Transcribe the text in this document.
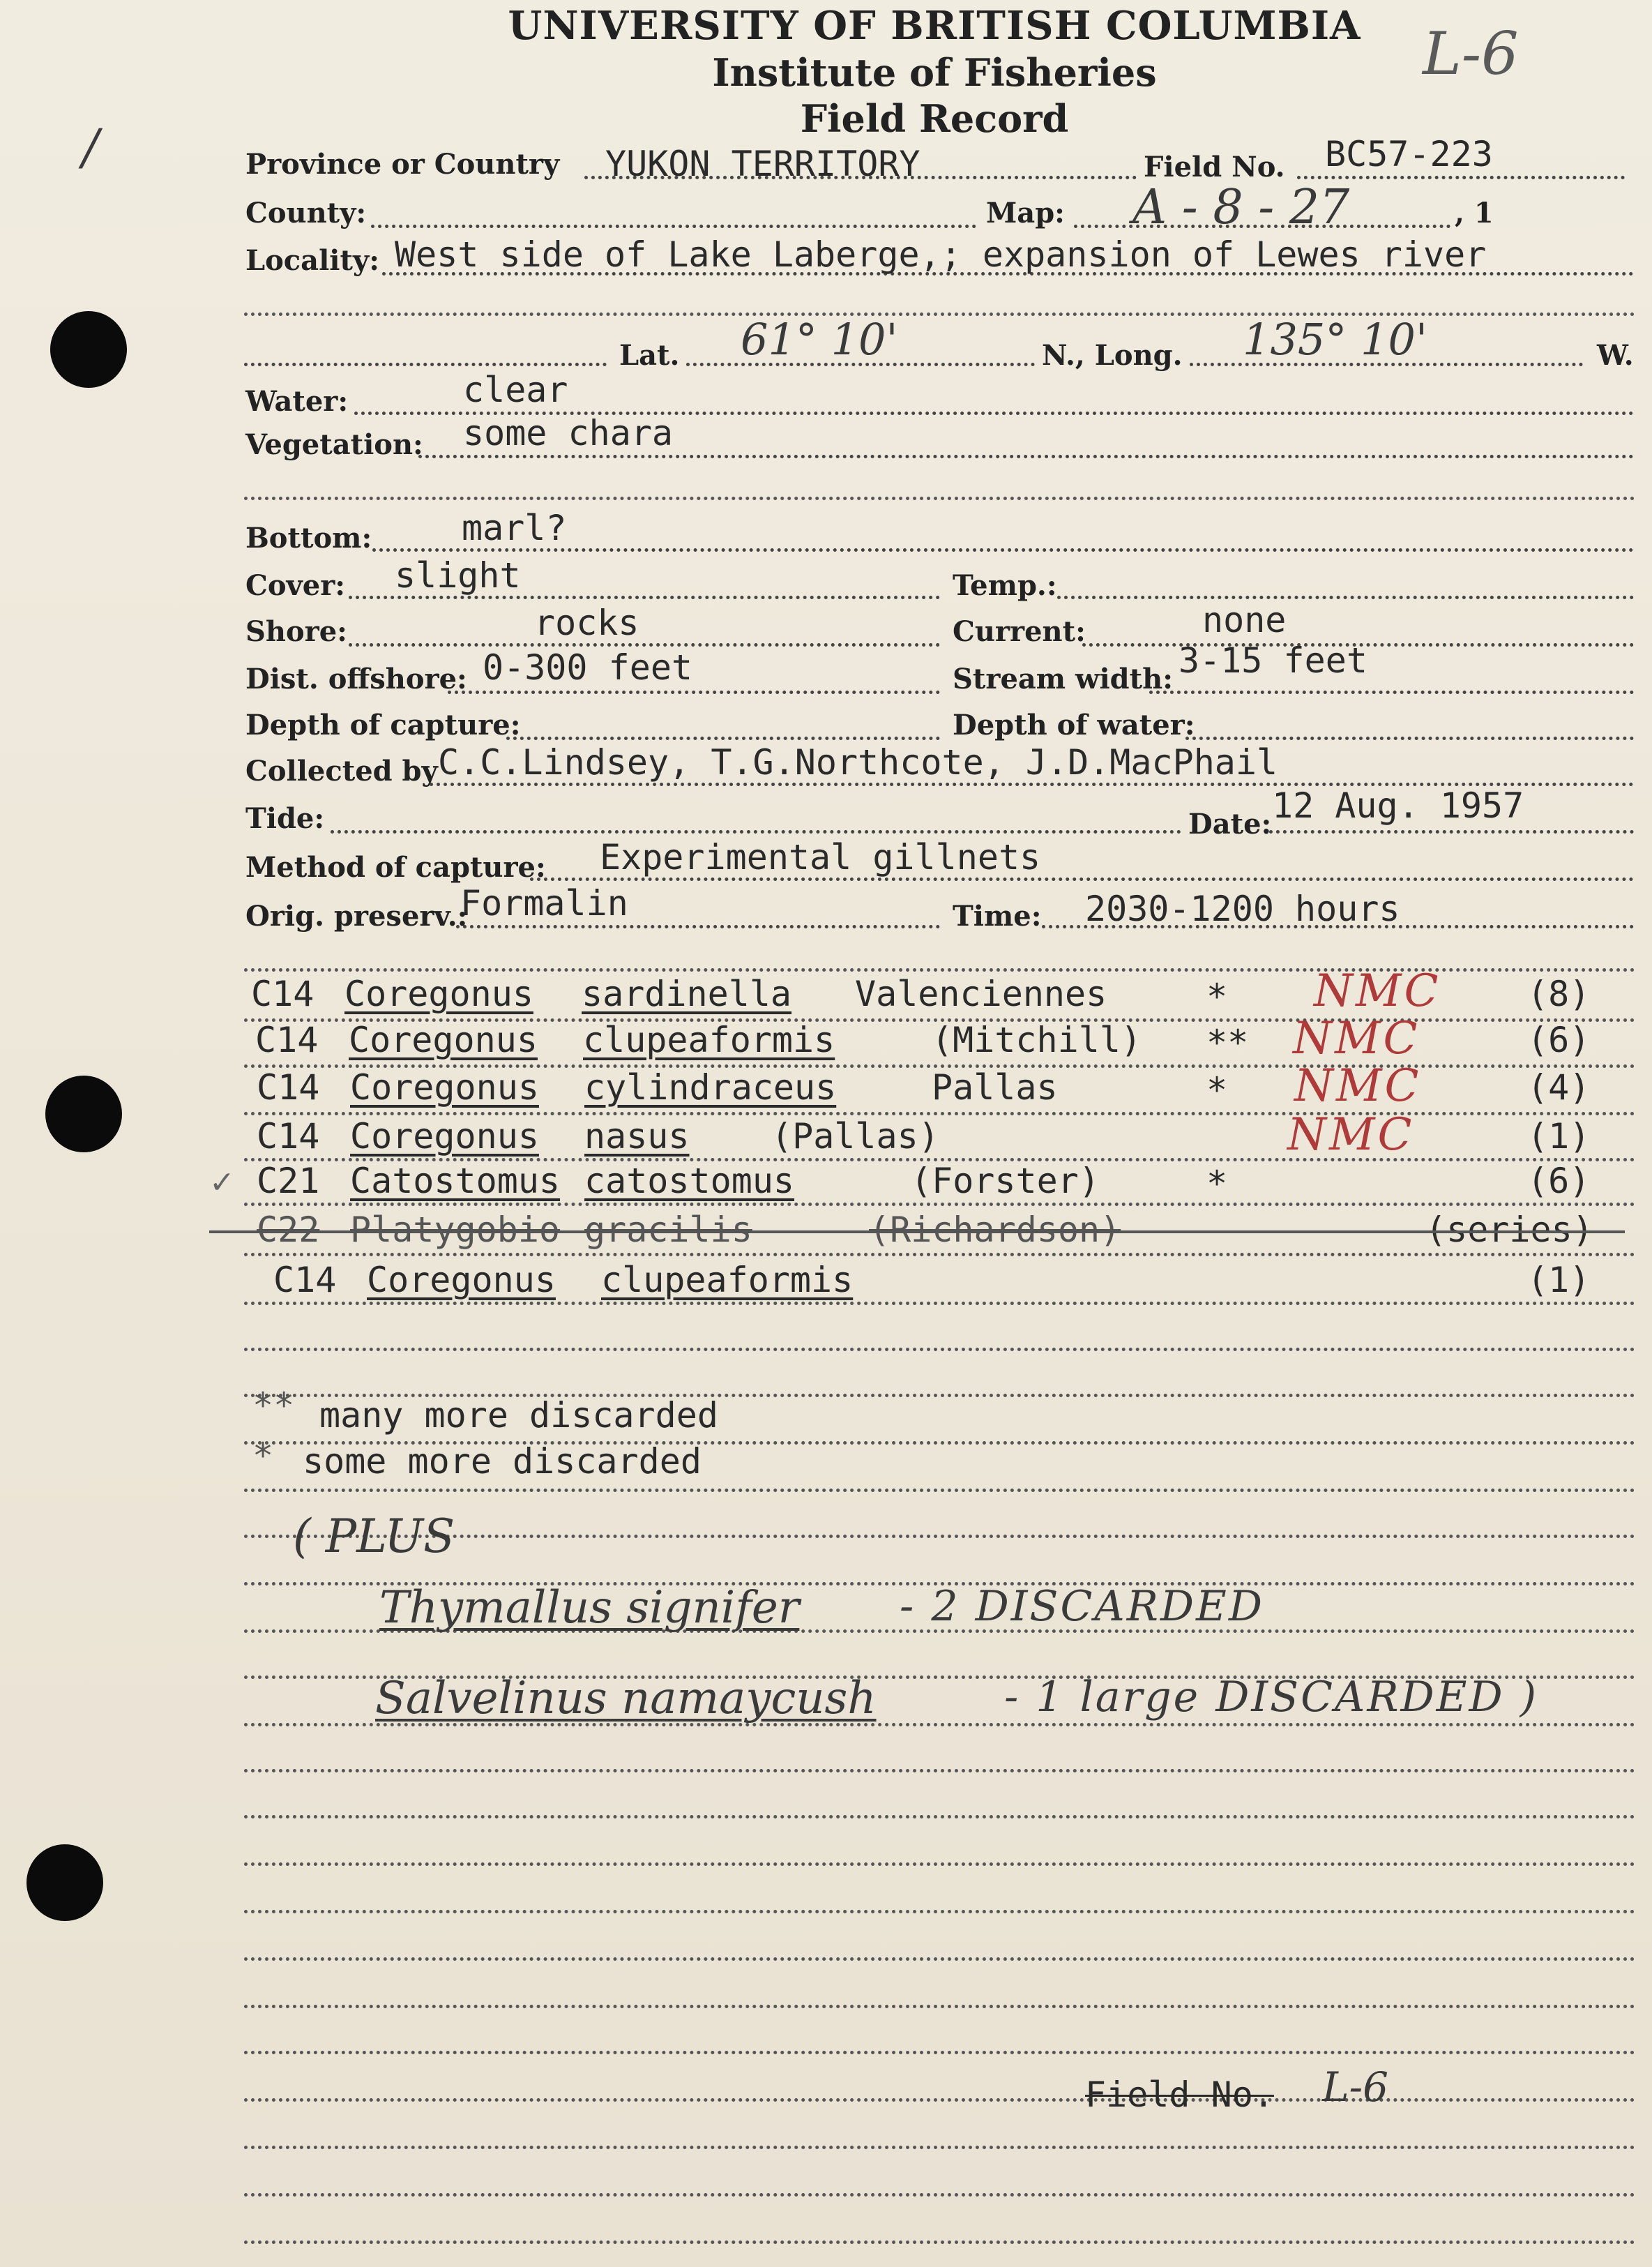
/
UNIVERSITY OF BRITISH COLUMBIA
Institute of Fisheries
Field Record
L-6
Province or Country YUKON TERRITORY	Field No. BC57-223
County:	Map: A - 8 - 27	, 1
Locality: West side of Lake Laberge,; expansion of Lewes river
Lat. 61° 10'	N., Long. 135° 10'	W.
Water:	clear
Vegetation: some chara
Bottom:	marl?
Cover: slight	Temp.:
Shore:	rocks	Current:	none
Dist. offshore: 0-300 feet	Stream width: 3-15 feet
Depth of capture:	Depth of water:
Collected by C.C.Lindsey, T.G.Northcote, J.D.MacPhail
Tide:	Date: 12 Aug. 1957
Method of capture: Experimental gillnets
Orig. preserv.:
Formalin	Time: 2030-1200 hours
C14 Coregonus sardinella Valenciennes	* NMC (8)
C14 Coregonus clupeaformis	(Mitchill) ** NMC	(6)
C14 Coregonus cylindraceus	Pallas	* NMC	(4)
C14 Coregonus nasus (Pallas)	NMC	(1)
✓ C21 Catostomus catostomus	(Forster)	*	(6)
C22 Platygobio gracilis	(Richardson)	(series)
C14 Coregonus clupeaformis	(1)
** many more discarded
* some more discarded
( PLUS
Thymallus signifer - 2 DISCARDED
Salvelinus namaycush	- 1 large DISCARDED )
Field No. L-6
